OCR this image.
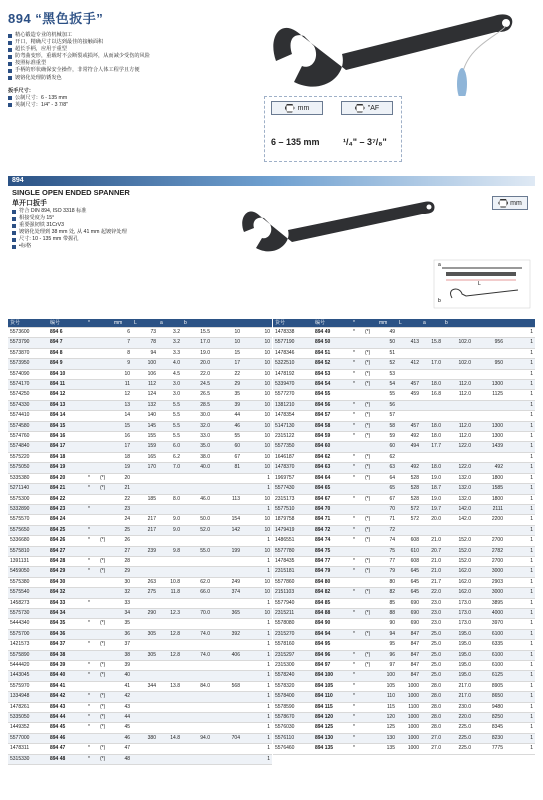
894 “黑色扳手”
精心锻造专业的机械加工
开口，精确尺寸以达到最佳的接触面积
超长手柄，应用于重型
防弯曲变形，重载时不会断裂或损坏，从而减少受伤的风险
按照标准重型
手柄的形状确保安全操作，非常符合人体工程学且方便
镀铬化处理防锈发色
扳手尺寸：
公制尺寸：6 - 135 mm
英制尺寸：1/4" - 3 7/8"	mm	"AF
6 – 135 mm	¹/₄" – 3⁷/₈"
894
SINGLE OPEN ENDED SPANNER
单开口扳手
符合 DIN 894, ISO 3318 标准
相接受度为 15°
重要强韧铁 31CrV3
镀铬化处理到 38 mm 处, 从 41 mm 起镀锌处理
尺寸: 10 - 135 mm 带握孔
•标格
mm
a
L
b
货号	编号	*		mm	L	a	b		
5573600	894 6			6	73	3.2	15.5	10	10
5573790	894 7			7	78	3.2	17.0	10	10
5573870	894 8			8	94	3.3	19.0	15	10
5573950	894 9			9	100	4.0	20.0	17	10
5574090	894 10			10	106	4.5	22.0	22	10
5574170	894 11			11	112	3.0	24.5	29	10
5574250	894 12			12	124	3.0	26.5	35	10
5574330	894 13			13	132	5.5	28.5	39	10
5574410	894 14			14	140	5.5	30.0	44	10
5574580	894 15			15	145	5.5	32.0	46	10
5574760	894 16			16	155	5.5	33.0	55	10
5574840	894 17			17	159	6.0	35.0	60	10
5575220	894 18			18	165	6.2	38.0	67	10
5575050	894 19			19	170	7.0	40.0	81	10
5335380	894 20	*	(*)	20					1
5271140	894 21	*	(*)	21					1
5575300	894 22			22	185	8.0	46.0	113	10
5332890	894 23	*		23					1
5575570	894 24			24	217	9.0	50.0	154	10
5575650	894 25	*		25	217	9.0	52.0	142	10
5336680	894 26	*	(*)	26					1
5575810	894 27			27	239	9.8	55.0	199	10
1391131	894 28	*	(*)	28					1
5459050	894 29	*	(*)	29					1
5575380	894 30			30	263	10.8	62.0	249	10
5575540	894 32			32	275	11.8	66.0	374	10
1458273	894 33	*		33					1
5575730	894 34			34	290	12.3	70.0	365	10
5444340	894 35	*	(*)	35					1
5575700	894 36			36	305	12.8	74.0	392	1
1421573	894 37	*	(*)	37					1
5575890	894 38			38	305	12.8	74.0	406	1
5444420	894 39	*	(*)	39					1
1443045	894 40	*	(*)	40					1
5575970	894 41			41	344	13.8	84.0	568	1
1334948	894 42	*	(*)	42					1
1478261	894 43	*	(*)	43					1
5335050	894 44	*	(*)	44					1
1449352	894 45	*	(*)	45					1
5577000	894 46			46	380	14.8	94.0	704	1
1478311	894 47	*	(*)	47					1
5315330	894 48	*	(*)	48					1
货号	编号	*		mm	L	a	b		
1478338	894 49	*	(*)	49					1
5577190	894 50			50	413	15.8	102.0	956	1
1478346	894 51	*	(*)	51					1
5322510	894 52	*	(*)	52	412	17.0	102.0	950	1
1478192	894 53	*	(*)	53					1
5339470	894 54	*	(*)	54	457	18.0	112.0	1300	1
5577270	894 55			55	459	16.8	112.0	1125	1
1381210	894 56	*	(*)	56					1
1478354	894 57	*	(*)	57					1
5147130	894 58	*	(*)	58	457	18.0	112.0	1300	1
2315122	894 59	*	(*)	59	492	18.0	112.0	1300	1
5577350	894 60			60	494	17.7	122.0	1439	1
1646187	894 62	*	(*)	62					1
1478370	894 63	*	(*)	63	492	18.0	122.0	492	1
1969757	894 64	*	(*)	64	528	19.0	132.0	1800	1
5577430	894 65			65	528	18.7	132.0	1585	1
2315173	894 67	*	(*)	67	528	19.0	132.0	1800	1
5577510	894 70			70	572	19.7	142.0	2111	1
1879758	894 71	*	(*)	71	572	20.0	142.0	2200	1
1479419	894 72	*	(*)	72					1
1486551	894 74	*	(*)	74	608	21.0	152.0	2700	1
5577780	894 75			75	610	20.7	152.0	2782	1
1478435	894 77	*	(*)	77	608	21.0	152.0	2700	1
2315181	894 79	*	(*)	79	645	21.0	162.0	3000	1
5577860	894 80			80	645	21.7	162.0	2903	1
2151103	894 82	*	(*)	82	645	22.0	162.0	3000	1
5577940	894 85			85	690	23.0	173.0	3895	1
2315211	894 88	*	(*)	88	690	23.0	173.0	4000	1
5578080	894 90			90	690	23.0	173.0	3970	1
2315270	894 94	*	(*)	94	847	25.0	195.0	6100	1
5578160	894 95			95	847	25.0	195.0	6335	1
2315297	894 96	*	(*)	96	847	25.0	195.0	6100	1
2315300	894 97	*	(*)	97	847	25.0	195.0	6100	1
5578240	894 100	*		100	847	25.0	195.0	6125	1
5578320	894 105	*		105	1000	28.0	217.0	8905	1
5578400	894 110	*		110	1000	28.0	217.0	8650	1
5578590	894 115	*		115	1100	28.0	230.0	9480	1
5578670	894 120	*		120	1000	28.0	220.0	8250	1
5576030	894 125	*		125	1000	28.0	225.0	8345	1
5576110	894 130	*		130	1000	27.0	225.0	8230	1
5576460	894 135	*		135	1000	27.0	225.0	7775	1
